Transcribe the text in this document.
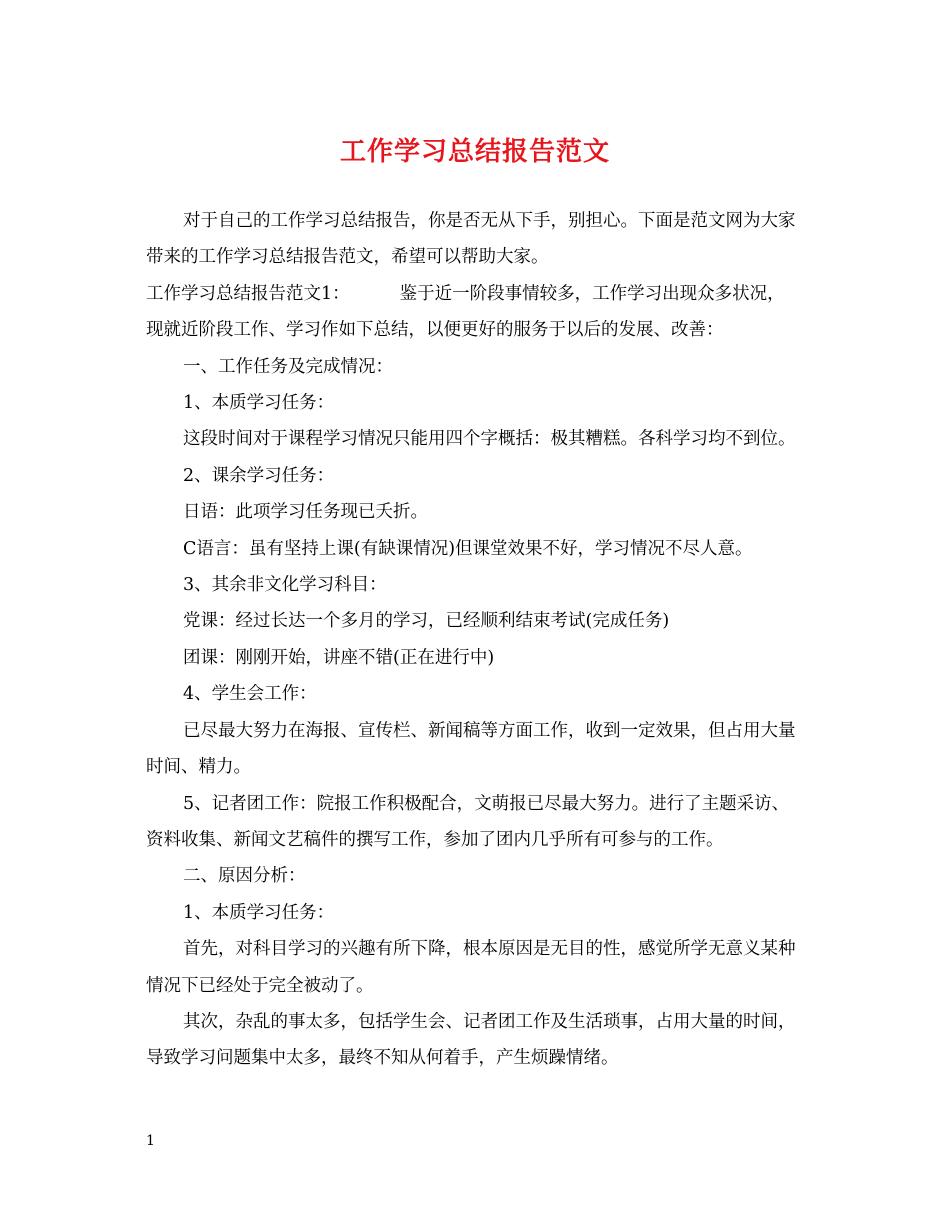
工作学习总结报告范文

对于自己的工作学习总结报告，你是否无从下手，别担心。下面是范文网为大家带来的工作学习总结报告范文，希望可以帮助大家。

工作学习总结报告范文1：	鉴于近一阶段事情较多，工作学习出现众多状况，现就近阶段工作、学习作如下总结，以便更好的服务于以后的发展、改善：

一、工作任务及完成情况：

1、本质学习任务：

这段时间对于课程学习情况只能用四个字概括：极其糟糕。各科学习均不到位。

2、课余学习任务：

日语：此项学习任务现已夭折。

C语言：虽有坚持上课(有缺课情况)但课堂效果不好，学习情况不尽人意。

3、其余非文化学习科目：

党课：经过长达一个多月的学习，已经顺利结束考试(完成任务)

团课：刚刚开始，讲座不错(正在进行中)

4、学生会工作：

已尽最大努力在海报、宣传栏、新闻稿等方面工作，收到一定效果，但占用大量时间、精力。

5、记者团工作：院报工作积极配合，文萌报已尽最大努力。进行了主题采访、资料收集、新闻文艺稿件的撰写工作，参加了团内几乎所有可参与的工作。

二、原因分析：

1、本质学习任务：

首先，对科目学习的兴趣有所下降，根本原因是无目的性，感觉所学无意义某种情况下已经处于完全被动了。

其次，杂乱的事太多，包括学生会、记者团工作及生活琐事，占用大量的时间，导致学习问题集中太多，最终不知从何着手，产生烦躁情绪。

1
